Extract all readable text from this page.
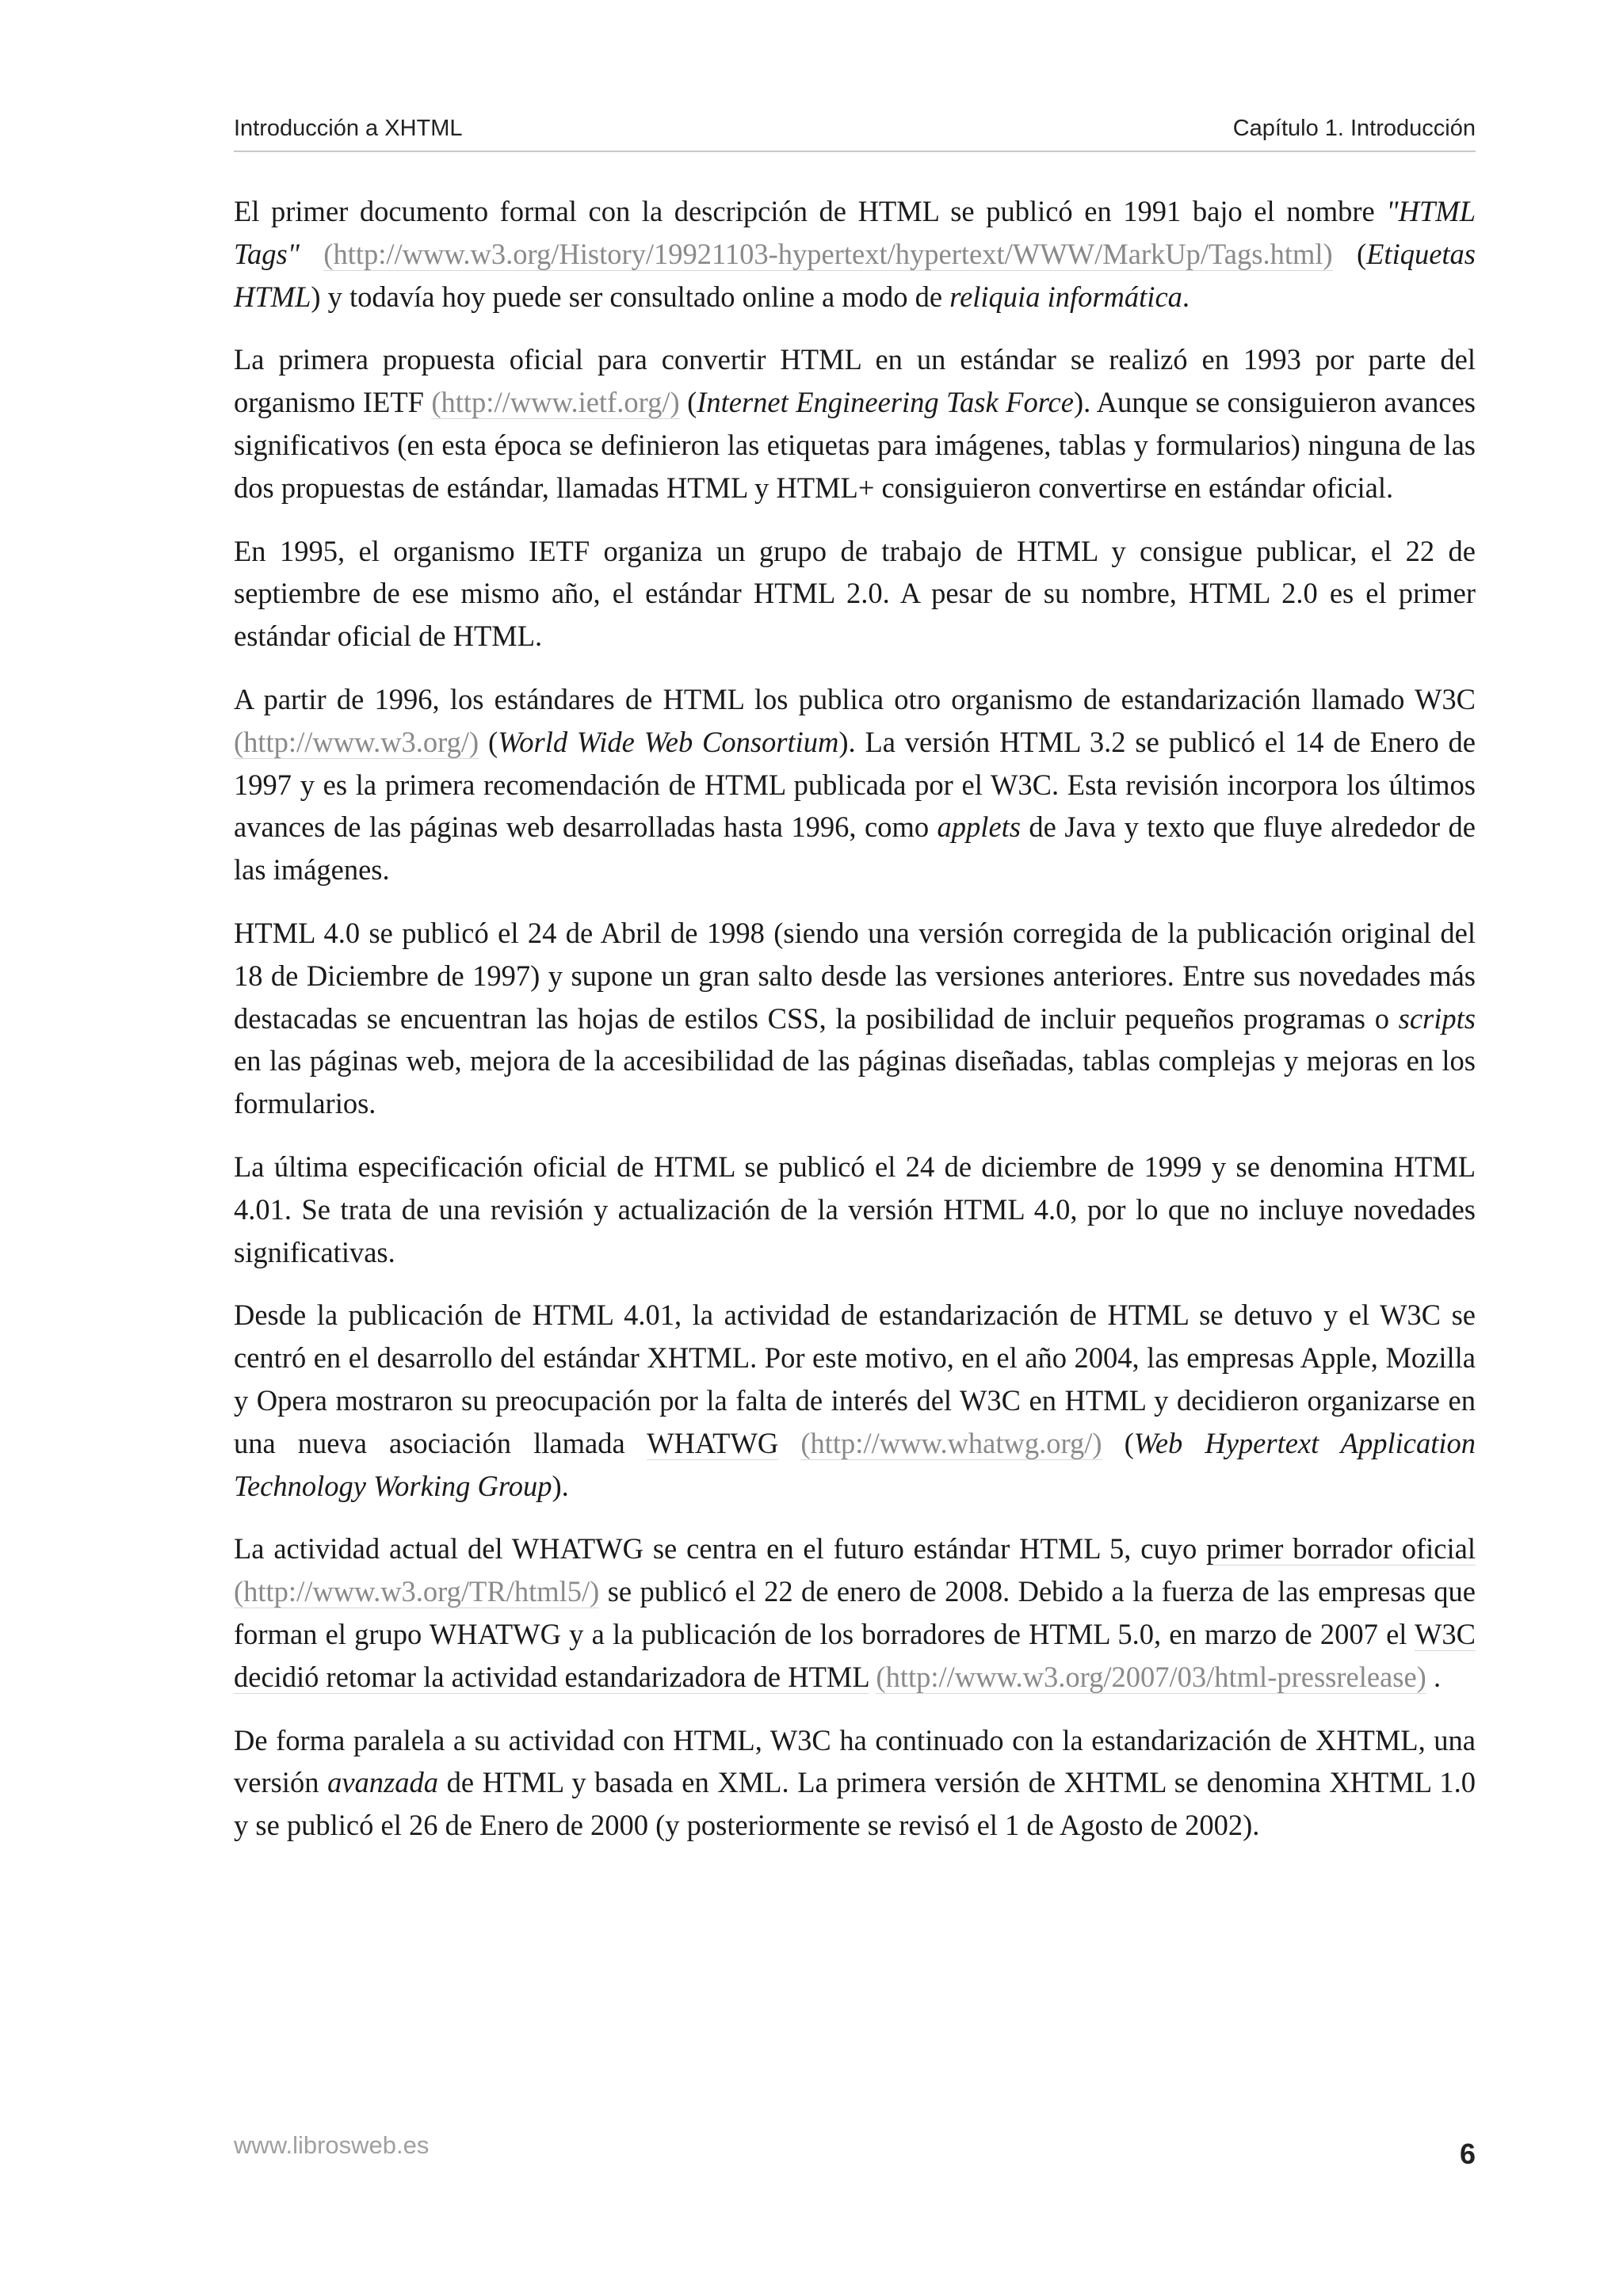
Introducción a XHTML	Capítulo 1. Introducción

El primer documento formal con la descripción de HTML se publicó en 1991 bajo el nombre "HTML Tags" (http://www.w3.org/History/19921103-hypertext/hypertext/WWW/MarkUp/Tags.html) (Etiquetas HTML) y todavía hoy puede ser consultado online a modo de reliquia informática.

La primera propuesta oficial para convertir HTML en un estándar se realizó en 1993 por parte del organismo IETF (http://www.ietf.org/) (Internet Engineering Task Force). Aunque se consiguieron avances significativos (en esta época se definieron las etiquetas para imágenes, tablas y formularios) ninguna de las dos propuestas de estándar, llamadas HTML y HTML+ consiguieron convertirse en estándar oficial.

En 1995, el organismo IETF organiza un grupo de trabajo de HTML y consigue publicar, el 22 de septiembre de ese mismo año, el estándar HTML 2.0. A pesar de su nombre, HTML 2.0 es el primer estándar oficial de HTML.

A partir de 1996, los estándares de HTML los publica otro organismo de estandarización llamado W3C (http://www.w3.org/) (World Wide Web Consortium). La versión HTML 3.2 se publicó el 14 de Enero de 1997 y es la primera recomendación de HTML publicada por el W3C. Esta revisión incorpora los últimos avances de las páginas web desarrolladas hasta 1996, como applets de Java y texto que fluye alrededor de las imágenes.

HTML 4.0 se publicó el 24 de Abril de 1998 (siendo una versión corregida de la publicación original del 18 de Diciembre de 1997) y supone un gran salto desde las versiones anteriores. Entre sus novedades más destacadas se encuentran las hojas de estilos CSS, la posibilidad de incluir pequeños programas o scripts en las páginas web, mejora de la accesibilidad de las páginas diseñadas, tablas complejas y mejoras en los formularios.

La última especificación oficial de HTML se publicó el 24 de diciembre de 1999 y se denomina HTML 4.01. Se trata de una revisión y actualización de la versión HTML 4.0, por lo que no incluye novedades significativas.

Desde la publicación de HTML 4.01, la actividad de estandarización de HTML se detuvo y el W3C se centró en el desarrollo del estándar XHTML. Por este motivo, en el año 2004, las empresas Apple, Mozilla y Opera mostraron su preocupación por la falta de interés del W3C en HTML y decidieron organizarse en una nueva asociación llamada WHATWG (http://www.whatwg.org/) (Web Hypertext Application Technology Working Group).

La actividad actual del WHATWG se centra en el futuro estándar HTML 5, cuyo primer borrador oficial (http://www.w3.org/TR/html5/) se publicó el 22 de enero de 2008. Debido a la fuerza de las empresas que forman el grupo WHATWG y a la publicación de los borradores de HTML 5.0, en marzo de 2007 el W3C decidió retomar la actividad estandarizadora de HTML (http://www.w3.org/2007/03/html-pressrelease) .

De forma paralela a su actividad con HTML, W3C ha continuado con la estandarización de XHTML, una versión avanzada de HTML y basada en XML. La primera versión de XHTML se denomina XHTML 1.0 y se publicó el 26 de Enero de 2000 (y posteriormente se revisó el 1 de Agosto de 2002).

www.librosweb.es	6
